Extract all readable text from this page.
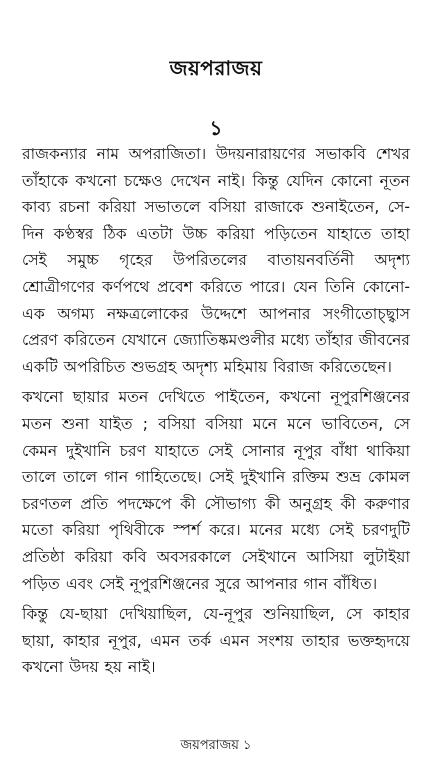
জয়পরাজয়
১

রাজকন্যার নাম অপরাজিতা। উদয়নারায়ণের সভাকবি শেখর তাঁহাকে কখনো চক্ষেও দেখেন নাই। কিন্তু যেদিন কোনো নূতন কাব্য রচনা করিয়া সভাতলে বসিয়া রাজাকে শুনাইতেন, সে-দিন কণ্ঠস্বর ঠিক এতটা উচ্চ করিয়া পড়িতেন যাহাতে তাহা সেই সমুচ্চ গৃহের উপরিতলের বাতায়নবর্তিনী অদৃশ্য শ্রোত্রীগণের কর্ণপথে প্রবেশ করিতে পারে। যেন তিনি কোনো-এক অগম্য নক্ষত্রলোকের উদ্দেশে আপনার সংগীতোচ্ছ্বাস প্রেরণ করিতেন যেখানে জ্যোতিষ্কমণ্ডলীর মধ্যে তাঁহার জীবনের একটি অপরিচিত শুভগ্রহ অদৃশ্য মহিমায় বিরাজ করিতেছেন।

কখনো ছায়ার মতন দেখিতে পাইতেন, কখনো নূপুরশিঞ্জনের মতন শুনা যাইত ; বসিয়া বসিয়া মনে মনে ভাবিতেন, সে কেমন দুইখানি চরণ যাহাতে সেই সোনার নূপুর বাঁধা থাকিয়া তালে তালে গান গাহিতেছে। সেই দুইখানি রক্তিম শুভ্র কোমল চরণতল প্রতি পদক্ষেপে কী সৌভাগ্য কী অনুগ্রহ কী করুণার মতো করিয়া পৃথিবীকে স্পর্শ করে। মনের মধ্যে সেই চরণদুটি প্রতিষ্ঠা করিয়া কবি অবসরকালে সেইখানে আসিয়া লুটাইয়া পড়িত এবং সেই নূপুরশিঞ্জনের সুরে আপনার গান বাঁধিত।

কিন্তু যে-ছায়া দেখিয়াছিল, যে-নূপুর শুনিয়াছিল, সে কাহার ছায়া, কাহার নূপুর, এমন তর্ক এমন সংশয় তাহার ভক্তহৃদয়ে কখনো উদয় হয় নাই।

জয়পরাজয় ১
